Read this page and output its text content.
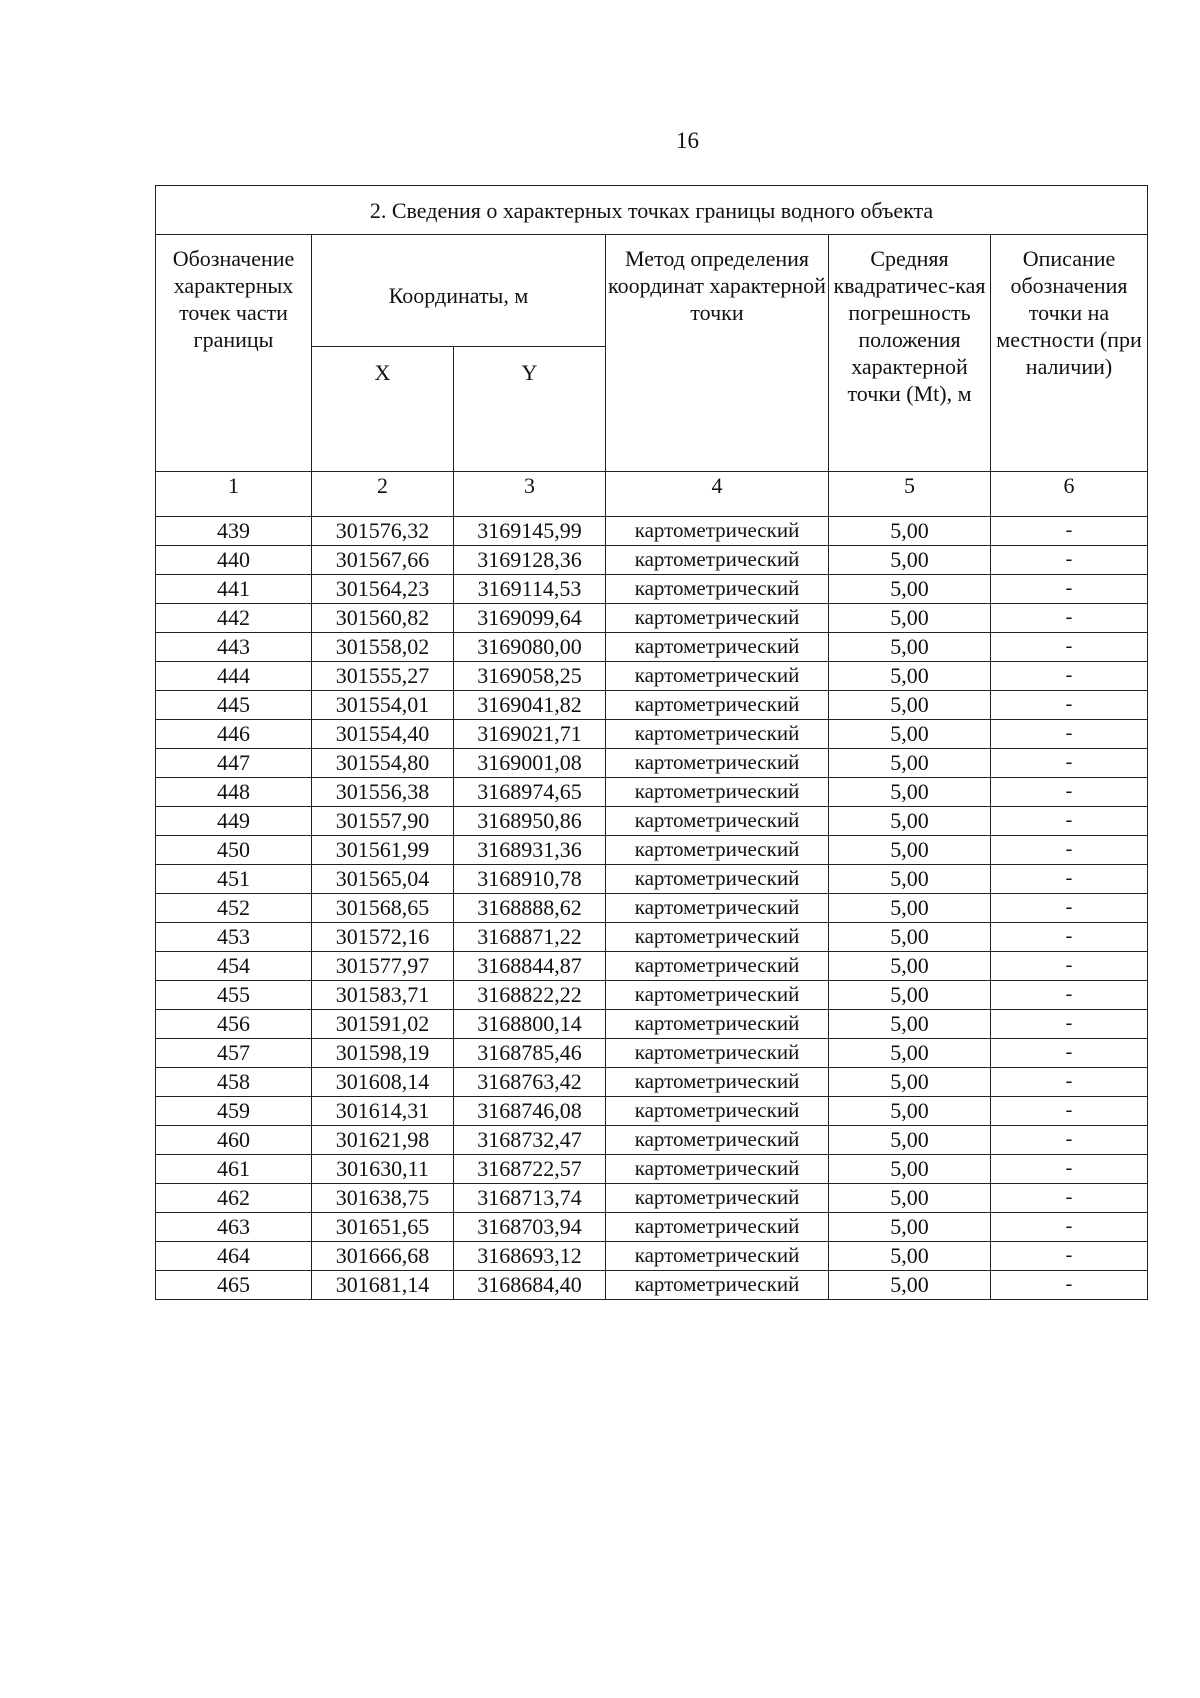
16
2. Сведения о характерных точках границы водного объекта					
Обозначение характерных точек части границы	Координаты, м		Метод определения координат характерной точки	Средняя квадратичес-кая погрешность положения характерной точки (Mt), м	Описание обозначения точки на местности (при наличии)
	X	Y			
1	2	3	4	5	6
439	301576,32	3169145,99	картометрический	5,00	-
440	301567,66	3169128,36	картометрический	5,00	-
441	301564,23	3169114,53	картометрический	5,00	-
442	301560,82	3169099,64	картометрический	5,00	-
443	301558,02	3169080,00	картометрический	5,00	-
444	301555,27	3169058,25	картометрический	5,00	-
445	301554,01	3169041,82	картометрический	5,00	-
446	301554,40	3169021,71	картометрический	5,00	-
447	301554,80	3169001,08	картометрический	5,00	-
448	301556,38	3168974,65	картометрический	5,00	-
449	301557,90	3168950,86	картометрический	5,00	-
450	301561,99	3168931,36	картометрический	5,00	-
451	301565,04	3168910,78	картометрический	5,00	-
452	301568,65	3168888,62	картометрический	5,00	-
453	301572,16	3168871,22	картометрический	5,00	-
454	301577,97	3168844,87	картометрический	5,00	-
455	301583,71	3168822,22	картометрический	5,00	-
456	301591,02	3168800,14	картометрический	5,00	-
457	301598,19	3168785,46	картометрический	5,00	-
458	301608,14	3168763,42	картометрический	5,00	-
459	301614,31	3168746,08	картометрический	5,00	-
460	301621,98	3168732,47	картометрический	5,00	-
461	301630,11	3168722,57	картометрический	5,00	-
462	301638,75	3168713,74	картометрический	5,00	-
463	301651,65	3168703,94	картометрический	5,00	-
464	301666,68	3168693,12	картометрический	5,00	-
465	301681,14	3168684,40	картометрический	5,00	-
